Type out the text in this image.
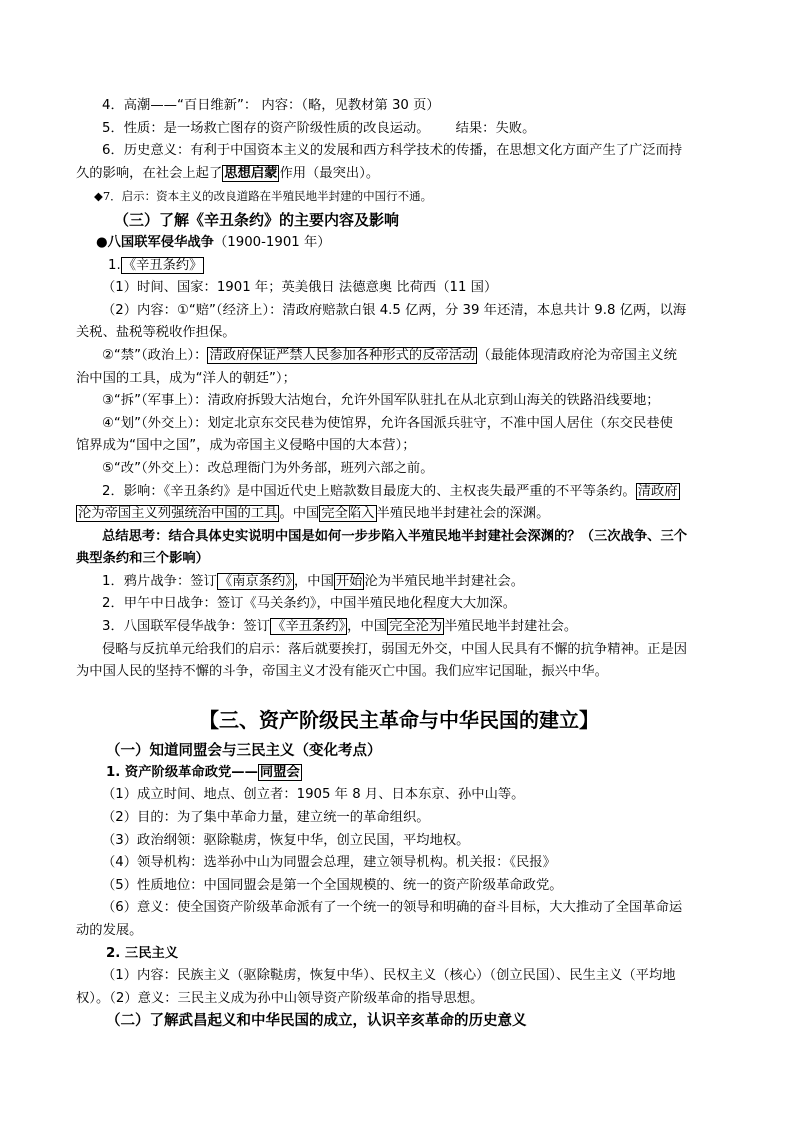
4．高潮——“百日维新”： 内容：（略，见教材第 30 页）
5．性质：是一场救亡图存的资产阶级性质的改良运动。 结果：失败。
6．历史意义：有利于中国资本主义的发展和西方科学技术的传播，在思想文化方面产生了广泛而持
久的影响，在社会上起了 思想启蒙 作用（最突出）。
◆7．启示：资本主义的改良道路在半殖民地半封建的中国行不通。
（三）了解《辛丑条约》的主要内容及影响
●八国联军侵华战争（1900-1901 年）
1. 《辛丑条约》
（1）时间、国家：1901 年；英美俄日 法德意奥 比荷西（11 国）
（2）内容：①“赔”（经济上）：清政府赔款白银 4.5 亿两，分 39 年还清，本息共计 9.8 亿两，以海
关税、盐税等税收作担保。
②“禁”（政治上）： 清政府保证严禁人民参加各种形式的反帝活动 （最能体现清政府沦为帝国主义统
治中国的工具，成为“洋人的朝廷”）；
③“拆”（军事上）：清政府拆毁大沽炮台，允许外国军队驻扎在从北京到山海关的铁路沿线要地；
④“划”（外交上）：划定北京东交民巷为使馆界，允许各国派兵驻守，不准中国人居住（东交民巷使
馆界成为“国中之国”，成为帝国主义侵略中国的大本营）；
⑤“改”（外交上）：改总理衙门为外务部，班列六部之前。
2．影响：《辛丑条约》是中国近代史上赔款数目最庞大的、主权丧失最严重的不平等条约。 清政府
沦为帝国主义列强统治中国的工具 。中国 完全陷入 半殖民地半封建社会的深渊。
总结思考：结合具体史实说明中国是如何一步步陷入半殖民地半封建社会深渊的？（三次战争、三个
典型条约和三个影响）
1．鸦片战争：签订 《南京条约》 ，中国 开始 沦为半殖民地半封建社会。
2．甲午中日战争：签订《马关条约》，中国半殖民地化程度大大加深。
3．八国联军侵华战争：签订 《辛丑条约》 ，中国 完全沦为 半殖民地半封建社会。
侵略与反抗单元给我们的启示：落后就要挨打，弱国无外交，中国人民具有不懈的抗争精神。正是因
为中国人民的坚持不懈的斗争，帝国主义才没有能灭亡中国。我们应牢记国耻，振兴中华。
【三、资产阶级民主革命与中华民国的建立】
（一）知道同盟会与三民主义（变化考点）
1. 资产阶级革命政党—— 同盟会
（1）成立时间、地点、创立者：1905 年 8 月、日本东京、孙中山等。
（2）目的：为了集中革命力量，建立统一的革命组织。
（3）政治纲领：驱除鞑虏，恢复中华，创立民国，平均地权。
（4）领导机构：选举孙中山为同盟会总理，建立领导机构。机关报：《民报》
（5）性质地位：中国同盟会是第一个全国规模的、统一的资产阶级革命政党。
（6）意义：使全国资产阶级革命派有了一个统一的领导和明确的奋斗目标，大大推动了全国革命运
动的发展。
2. 三民主义
（1）内容：民族主义（驱除鞑虏，恢复中华）、民权主义（核心）（创立民国）、民生主义（平均地
权）。（2）意义：三民主义成为孙中山领导资产阶级革命的指导思想。
（二）了解武昌起义和中华民国的成立，认识辛亥革命的历史意义
